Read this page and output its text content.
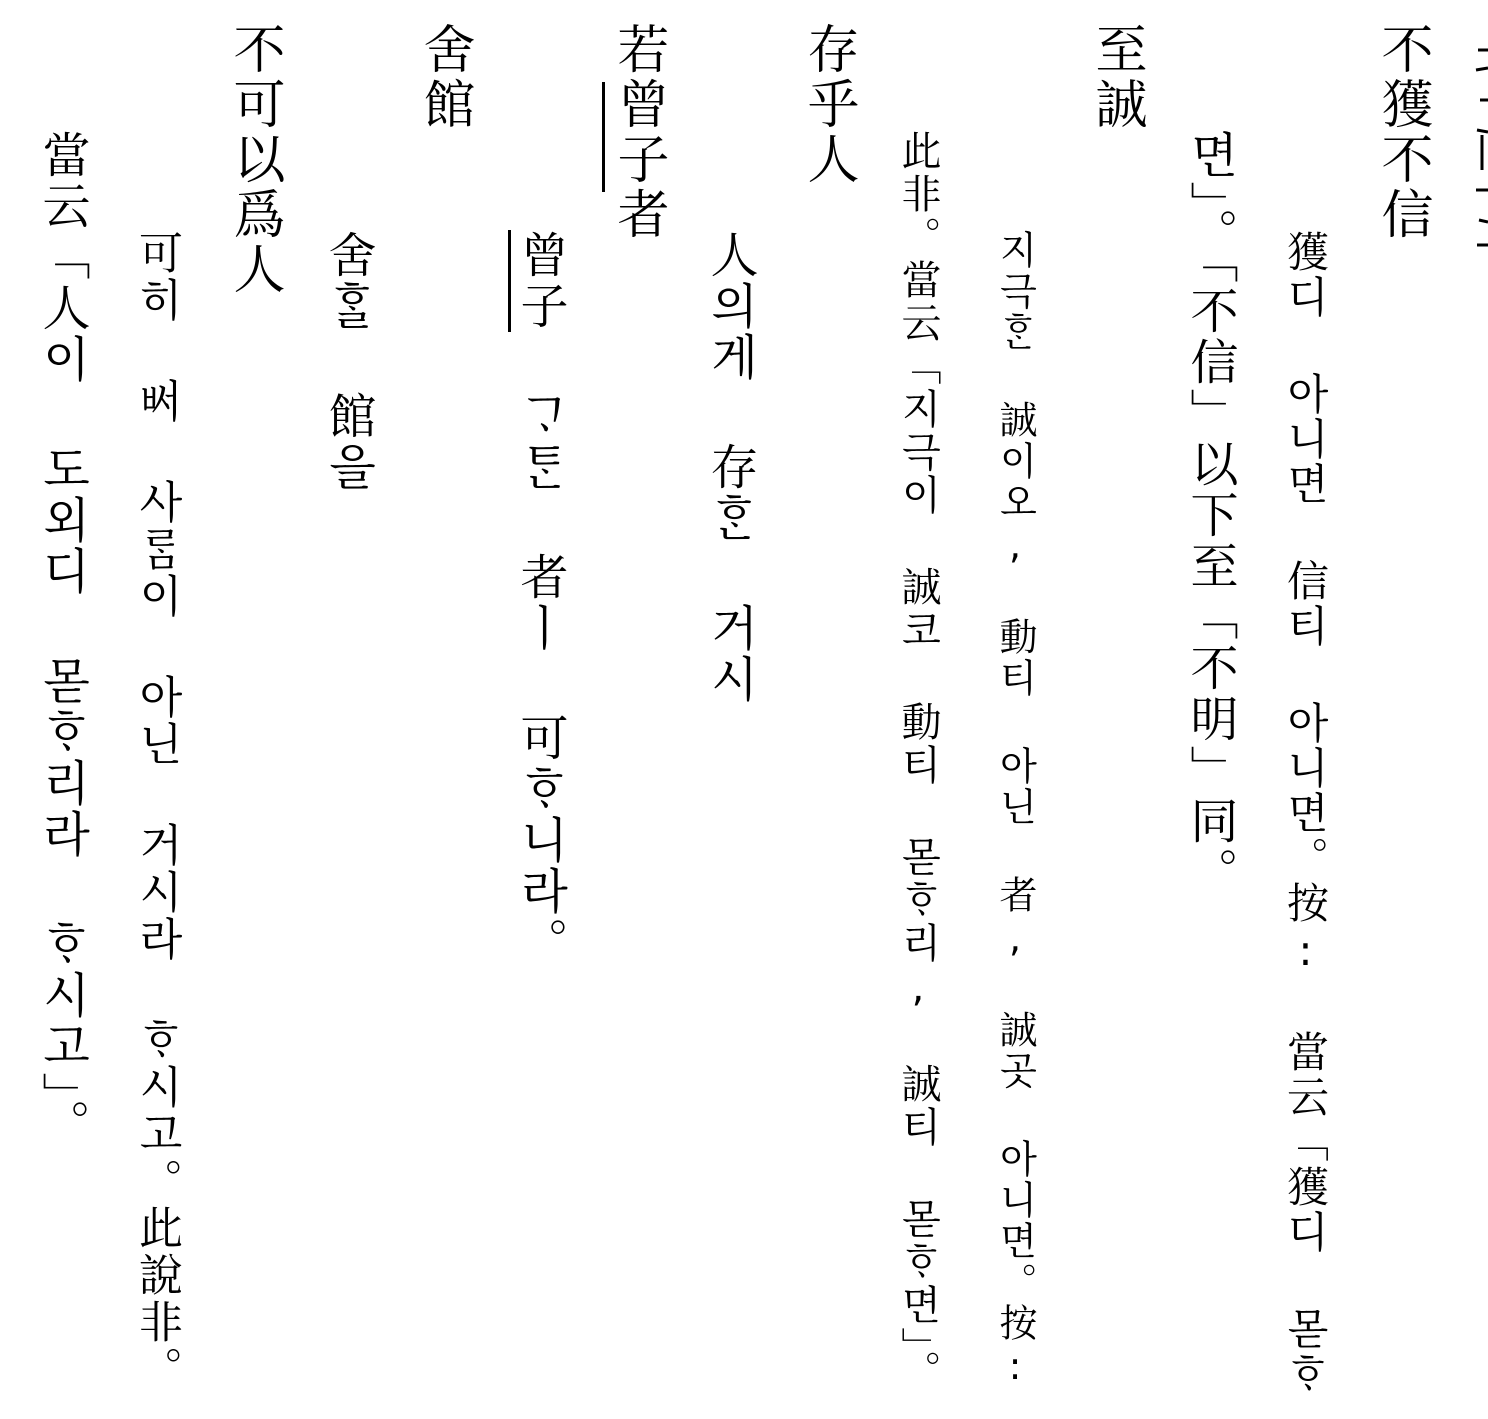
不獲不信
獲디 아니면 信티 아니면。按: 當云「獲디 몯ᄒᆞ
면」。「不信」以下至「不明」同。
至誠
지극ᄒᆞᆫ 誠이오, 動티 아닌 者, 誠곳 아니면。按:
此非。當云「지극이 誠코 動티 몯ᄒᆞ리, 誠티 몯ᄒᆞ면」。
存乎人
人의게 存ᄒᆞᆫ 거시
若曾子者
曾子 ᄀᆞᄐᆞᆫ 者ㅣ 可ᄒᆞ니라。
舍館
舍ᄒᆞᆯ 館을
不可以爲人
可히 ᄡᅥ 사ᄅᆞᆷ이 아닌 거시라 ᄒᆞ시고。此說非。
當云「人이 도외디 몯ᄒᆞ리라 ᄒᆞ시고」。
